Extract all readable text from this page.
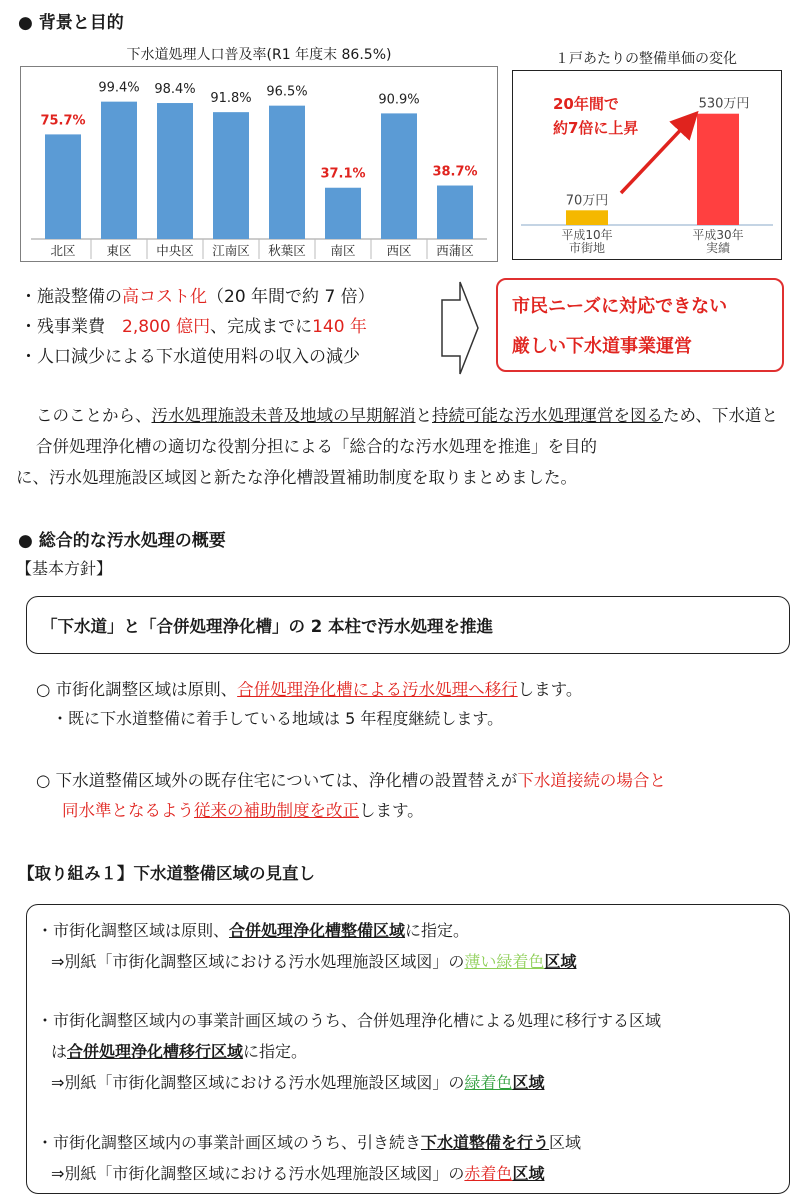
● 背景と目的
下水道処理人口普及率(R1 年度末 86.5%)
75.7%
北区
99.4%
東区
98.4%
中央区
91.8%
江南区
96.5%
秋葉区
37.1%
南区
90.9%
西区
38.7%
西蒲区
１戸あたりの整備単価の変化
70万円
平成10年
市街地
530万円
平成30年
実績
20年間で
約7倍に上昇
・施設整備の高コスト化（20 年間で約 7 倍）
・残事業費　2,800 億円、完成までに140 年
・人口減少による下水道使用料の収入の減少
市民ニーズに対応できない
厳しい下水道事業運営
このことから、汚水処理施設未普及地域の早期解消と持続可能な汚水処理運営を図るため、下水道と合併処理浄化槽の適切な役割分担による「総合的な汚水処理を推進」を目的
に、汚水処理施設区域図と新たな浄化槽設置補助制度を取りまとめました。
● 総合的な汚水処理の概要
【基本方針】
「下水道」と「合併処理浄化槽」の 2 本柱で汚水処理を推進
○ 市街化調整区域は原則、合併処理浄化槽による汚水処理へ移行します。
・既に下水道整備に着手している地域は 5 年程度継続します。
○ 下水道整備区域外の既存住宅については、浄化槽の設置替えが下水道接続の場合と
同水準となるよう従来の補助制度を改正します。
【取り組み１】下水道整備区域の見直し
・市街化調整区域は原則、合併処理浄化槽整備区域に指定。
⇒別紙「市街化調整区域における汚水処理施設区域図」の薄い緑着色区域
・市街化調整区域内の事業計画区域のうち、合併処理浄化槽による処理に移行する区域
は合併処理浄化槽移行区域に指定。
⇒別紙「市街化調整区域における汚水処理施設区域図」の緑着色区域
・市街化調整区域内の事業計画区域のうち、引き続き下水道整備を行う区域
⇒別紙「市街化調整区域における汚水処理施設区域図」の赤着色区域
